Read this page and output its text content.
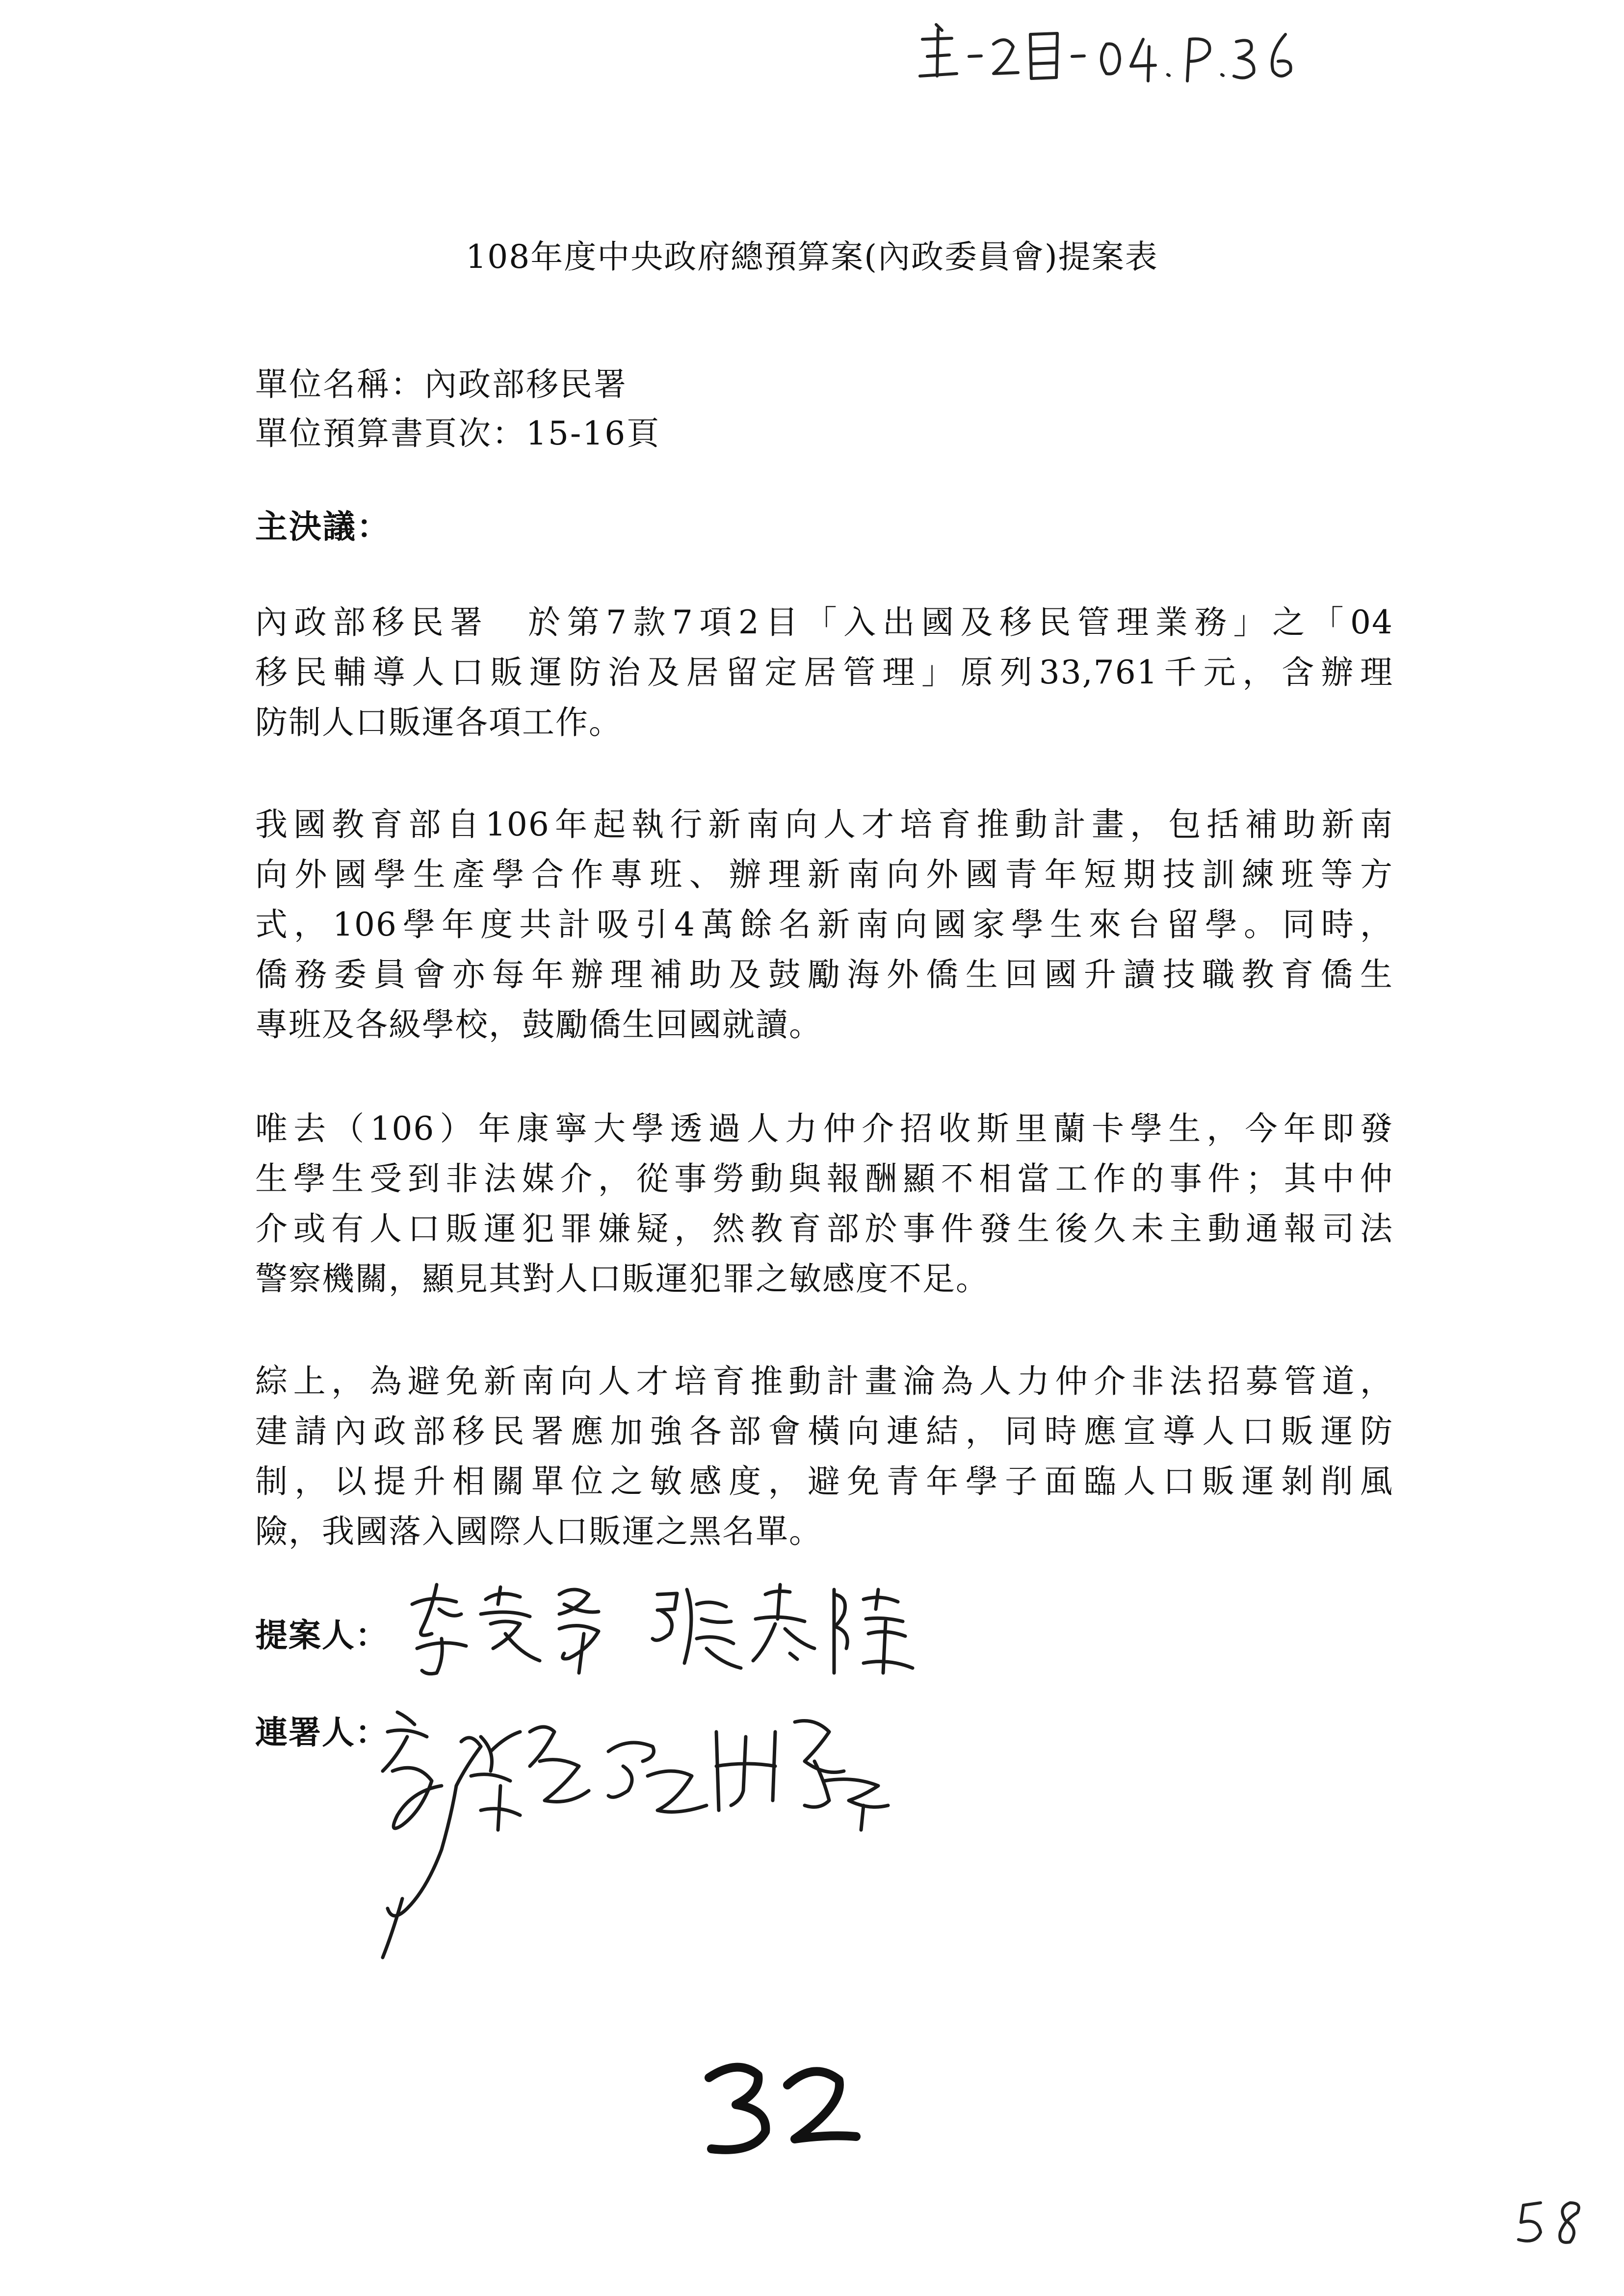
108年度中央政府總預算案(內政委員會)提案表
單位名稱：內政部移民署
單位預算書頁次：15-16頁
主決議：
內政部移民署　於第7款7項2目「入出國及移民管理業務」之「04
移民輔導人口販運防治及居留定居管理」原列33,761千元，含辦理
防制人口販運各項工作。
我國教育部自106年起執行新南向人才培育推動計畫，包括補助新南
向外國學生產學合作專班、辦理新南向外國青年短期技訓練班等方
式，106學年度共計吸引4萬餘名新南向國家學生來台留學。同時，
僑務委員會亦每年辦理補助及鼓勵海外僑生回國升讀技職教育僑生
專班及各級學校，鼓勵僑生回國就讀。
唯去（106）年康寧大學透過人力仲介招收斯里蘭卡學生，今年即發
生學生受到非法媒介，從事勞動與報酬顯不相當工作的事件；其中仲
介或有人口販運犯罪嫌疑，然教育部於事件發生後久未主動通報司法
警察機關，顯見其對人口販運犯罪之敏感度不足。
綜上，為避免新南向人才培育推動計畫淪為人力仲介非法招募管道，
建請內政部移民署應加強各部會橫向連結，同時應宣導人口販運防
制，以提升相關單位之敏感度，避免青年學子面臨人口販運剝削風
險，我國落入國際人口販運之黑名單。
提案人：
連署人：
